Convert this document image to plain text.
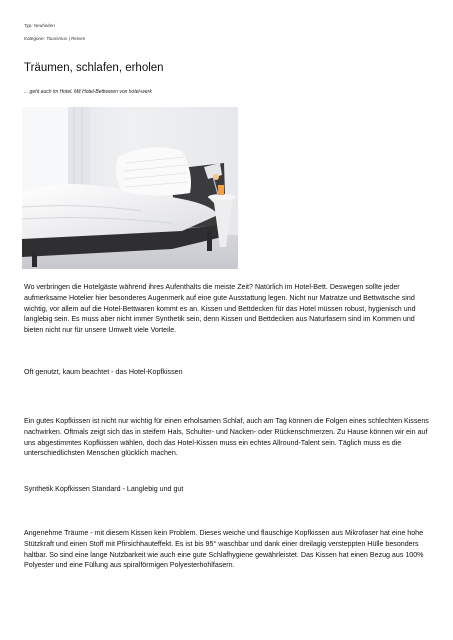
Typ: Neuheiten
Kategorie: Tourismus | Reisen
Träumen, schlafen, erholen
... geht auch im Hotel. Mit Hotel-Bettwaren von hotel-werk

Wo verbringen die Hotelgäste während ihres Aufenthalts die meiste Zeit? Natürlich im Hotel-Bett. Deswegen sollte jeder aufmerksame Hotelier hier besonderes Augenmerk auf eine gute Ausstattung legen. Nicht nur Matratze und Bettwäsche sind wichtig, vor allem auf die Hotel-Bettwaren kommt es an. Kissen und Bettdecken für das Hotel müssen robust, hygienisch und langlebig sein. Es muss aber nicht immer Synthetik sein, denn Kissen und Bettdecken aus Naturfasern sind im Kommen und bieten nicht nur für unsere Umwelt viele Vorteile.

Oft genutzt, kaum beachtet - das Hotel-Kopfkissen

Ein gutes Kopfkissen ist nicht nur wichtig für einen erholsamen Schlaf, auch am Tag können die Folgen eines schlechten Kissens nachwirken. Oftmals zeigt sich das in steifem Hals, Schulter- und Nacken- oder Rückenschmerzen. Zu Hause können wir ein auf uns abgestimmtes Kopfkissen wählen, doch das Hotel-Kissen muss ein echtes Allround-Talent sein. Täglich muss es die unterschiedlichsten Menschen glücklich machen.

Synthetik Kopfkissen Standard - Langlebig und gut

Angenehme Träume - mit diesem Kissen kein Problem. Dieses weiche und flauschige Kopfkissen aus Mikrofaser hat eine hohe Stützkraft und einen Stoff mit Pfirsichhauteffekt. Es ist bis 95° waschbar und dank einer dreilagig versteppten Hülle besonders haltbar. So sind eine lange Nutzbarkeit wie auch eine gute Schlafhygiene gewährleistet. Das Kissen hat einen Bezug aus 100% Polyester und eine Füllung aus spiralförmigen Polyesterhohlfasern.
